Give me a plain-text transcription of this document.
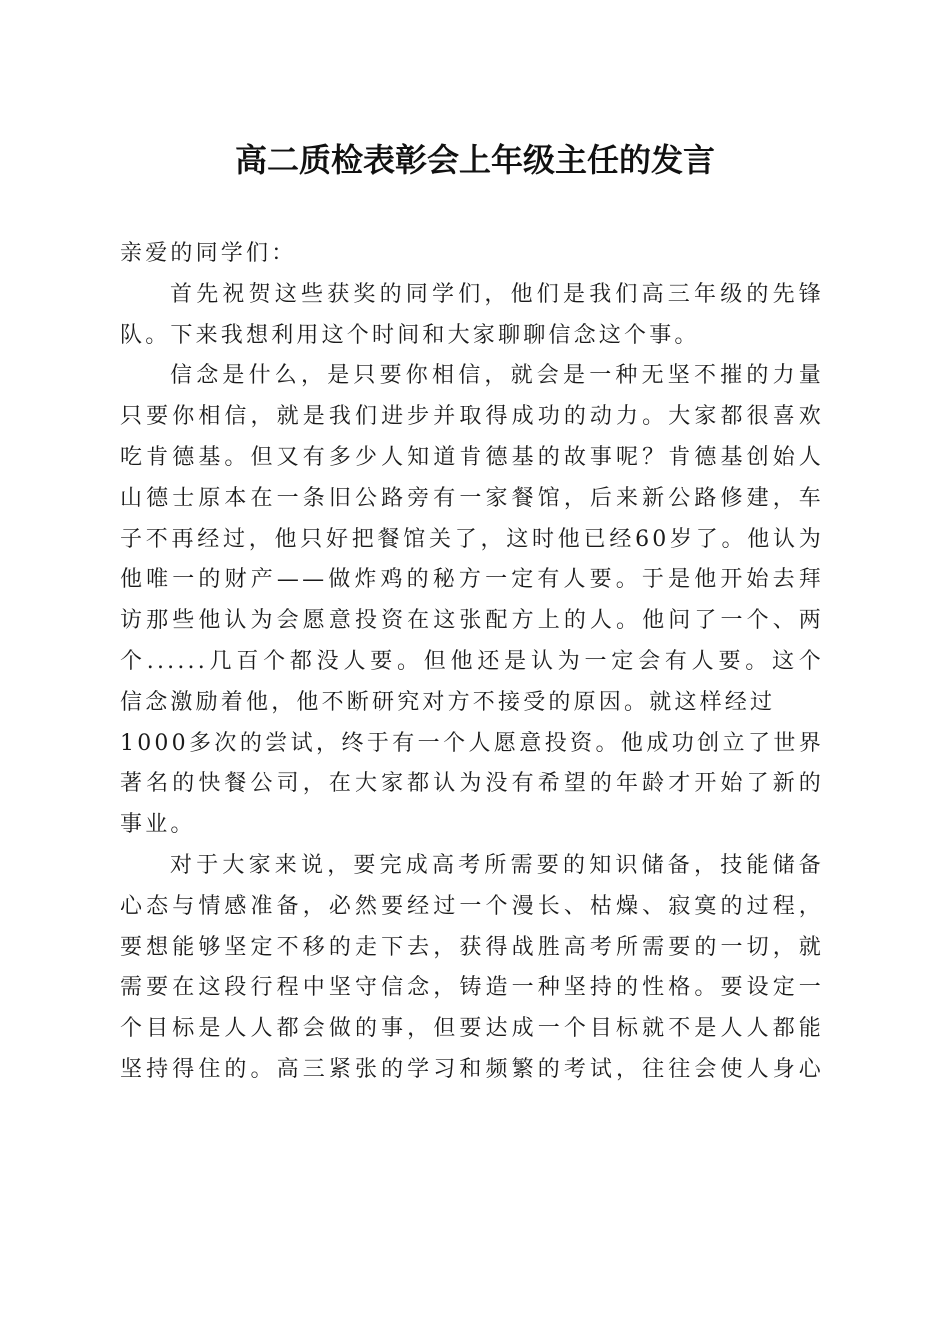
高二质检表彰会上年级主任的发言
亲爱的同学们：
首先祝贺这些获奖的同学们，他们是我们高三年级的先锋
队。下来我想利用这个时间和大家聊聊信念这个事。
信念是什么，是只要你相信，就会是一种无坚不摧的力量
只要你相信，就是我们进步并取得成功的动力。大家都很喜欢
吃肯德基。但又有多少人知道肯德基的故事呢？肯德基创始人
山德士原本在一条旧公路旁有一家餐馆，后来新公路修建，车
子不再经过，他只好把餐馆关了，这时他已经60岁了。他认为
他唯一的财产——做炸鸡的秘方一定有人要。于是他开始去拜
访那些他认为会愿意投资在这张配方上的人。他问了一个、两
个......几百个都没人要。但他还是认为一定会有人要。这个
信念激励着他，他不断研究对方不接受的原因。就这样经过
1000多次的尝试，终于有一个人愿意投资。他成功创立了世界
著名的快餐公司，在大家都认为没有希望的年龄才开始了新的
事业。
对于大家来说，要完成高考所需要的知识储备，技能储备
心态与情感准备，必然要经过一个漫长、枯燥、寂寞的过程，
要想能够坚定不移的走下去，获得战胜高考所需要的一切，就
需要在这段行程中坚守信念，铸造一种坚持的性格。要设定一
个目标是人人都会做的事，但要达成一个目标就不是人人都能
坚持得住的。高三紧张的学习和频繁的考试，往往会使人身心
